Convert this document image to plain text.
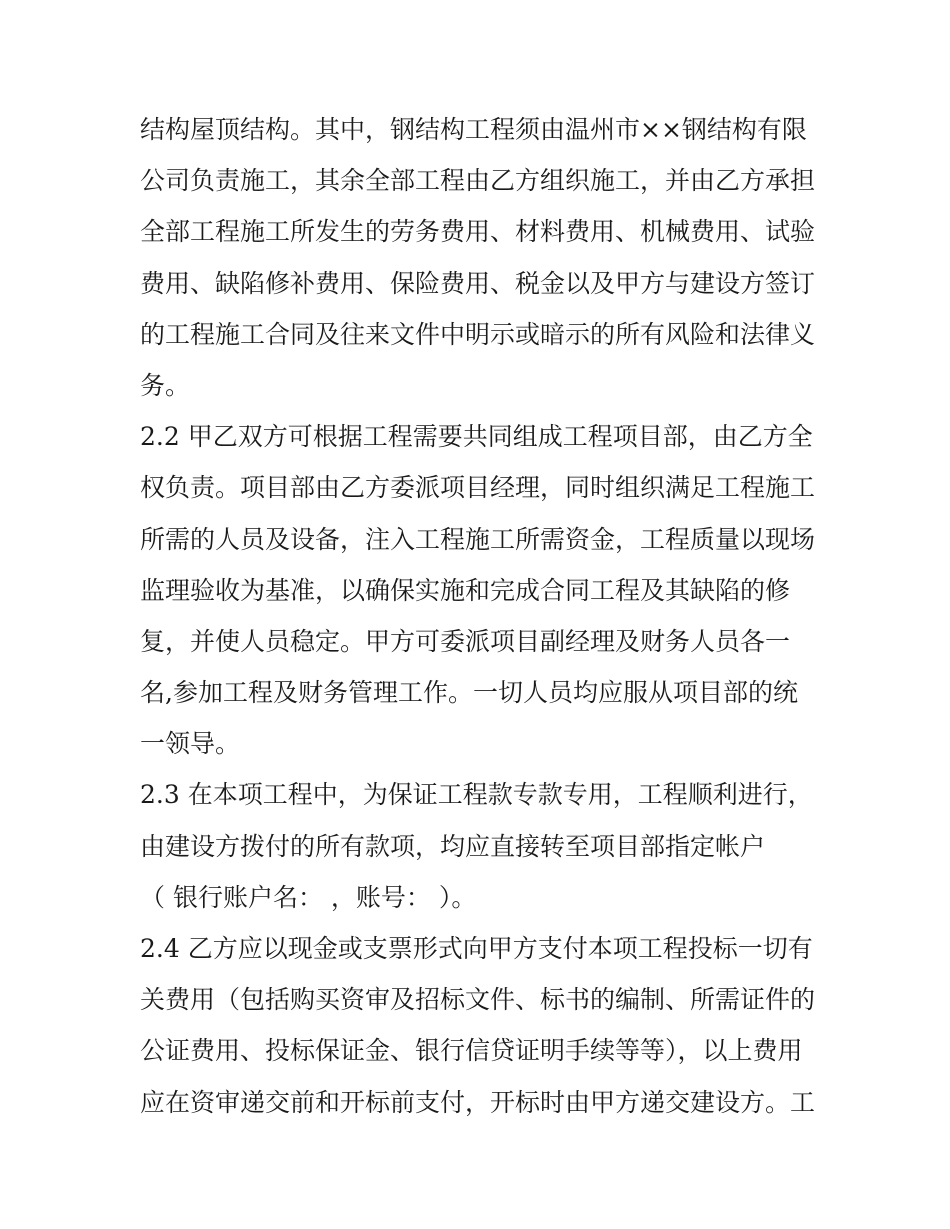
结构屋顶结构。其中，钢结构工程须由温州市××钢结构有限
公司负责施工，其余全部工程由乙方组织施工，并由乙方承担
全部工程施工所发生的劳务费用、材料费用、机械费用、试验
费用、缺陷修补费用、保险费用、税金以及甲方与建设方签订
的工程施工合同及往来文件中明示或暗示的所有风险和法律义
务。
2.2 甲乙双方可根据工程需要共同组成工程项目部，由乙方全
权负责。项目部由乙方委派项目经理，同时组织满足工程施工
所需的人员及设备，注入工程施工所需资金，工程质量以现场
监理验收为基准，以确保实施和完成合同工程及其缺陷的修
复，并使人员稳定。甲方可委派项目副经理及财务人员各一
名,参加工程及财务管理工作。一切人员均应服从项目部的统
一领导。
2.3 在本项工程中，为保证工程款专款专用，工程顺利进行，
由建设方拨付的所有款项，均应直接转至项目部指定帐户
（ 银行账户名： ，账号： ）。
2.4 乙方应以现金或支票形式向甲方支付本项工程投标一切有
关费用（包括购买资审及招标文件、标书的编制、所需证件的
公证费用、投标保证金、银行信贷证明手续等等），以上费用
应在资审递交前和开标前支付，开标时由甲方递交建设方。工
